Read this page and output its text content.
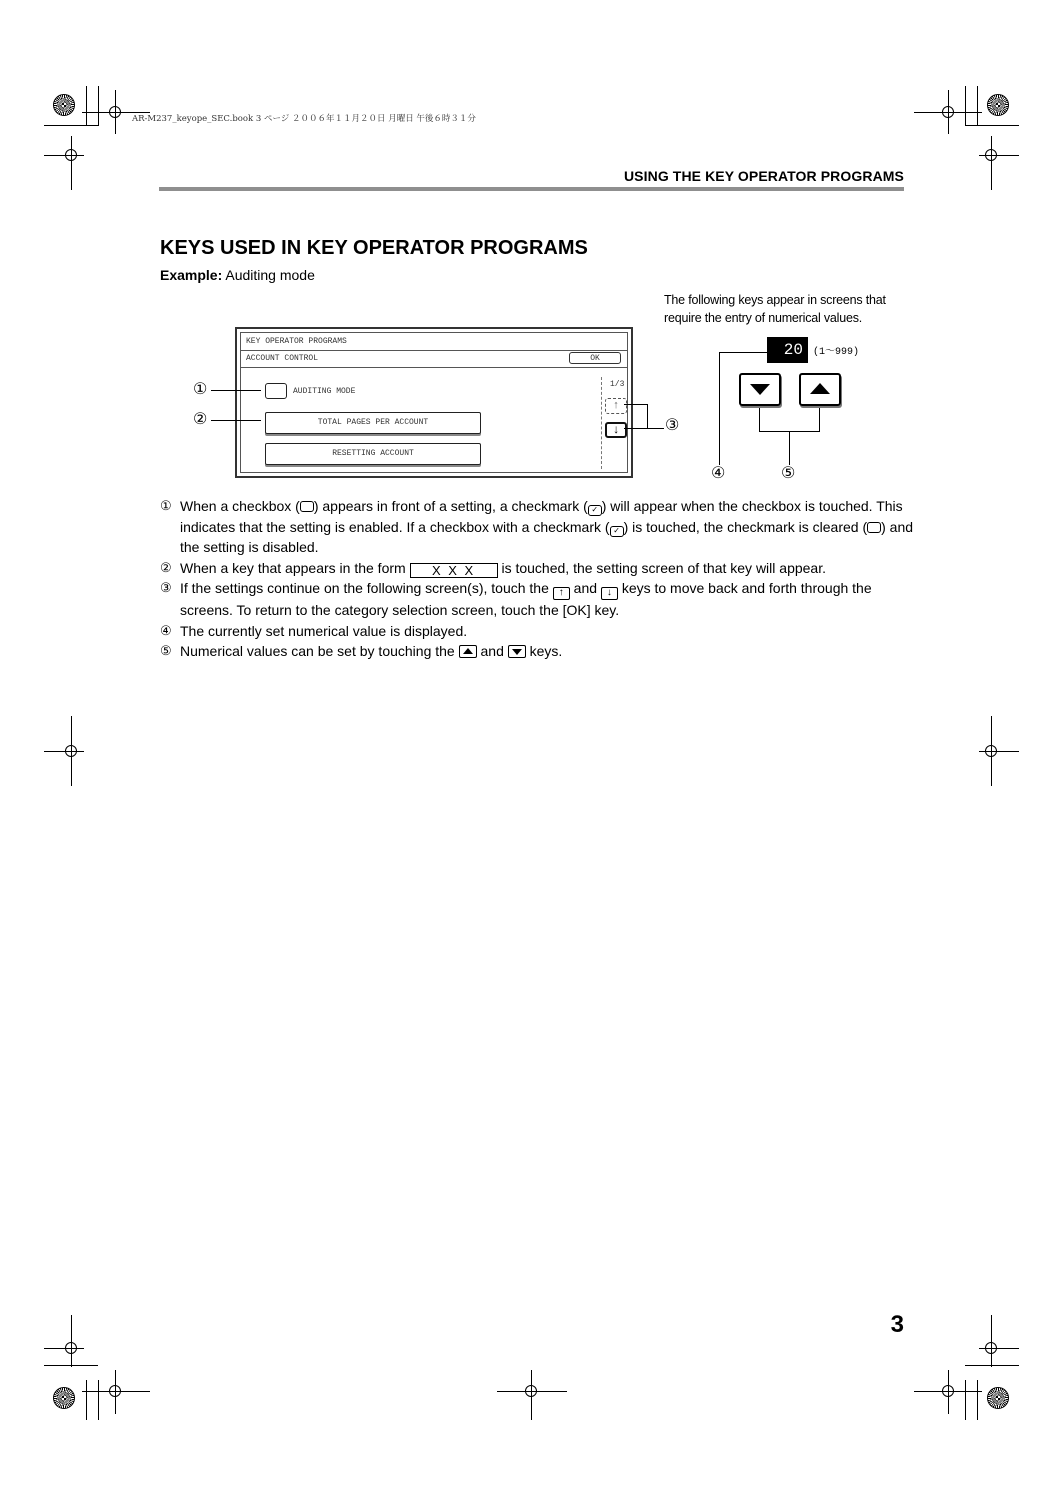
AR-M237_keyope_SEC.book 3 ページ ２００６年１１月２０日 月曜日 午後６時３１分
USING THE KEY OPERATOR PROGRAMS
KEYS USED IN KEY OPERATOR PROGRAMS
Example: Auditing mode
The following keys appear in screens that require the entry of numerical values.
KEY OPERATOR PROGRAMS
ACCOUNT CONTROL	OK
AUDITING MODE
TOTAL PAGES PER ACCOUNT
RESETTING ACCOUNT
1/3
↑
↓
①
②	③
20	(1～999)
④	⑤
① When a checkbox ( ) appears in front of a setting, a checkmark ( ✓ ) will appear when the checkbox is touched. This indicates that the setting is enabled. If a checkbox with a checkmark ( ✓ ) is touched, the checkmark is cleared ( ) and the setting is disabled.
② When a key that appears in the form X X X is touched, the setting screen of that key will appear.
③ If the settings continue on the following screen(s), touch the ↑ and ↓ keys to move back and forth through the screens. To return to the category selection screen, touch the [OK] key.
④ The currently set numerical value is displayed.
⑤ Numerical values can be set by touching the and keys.
3
